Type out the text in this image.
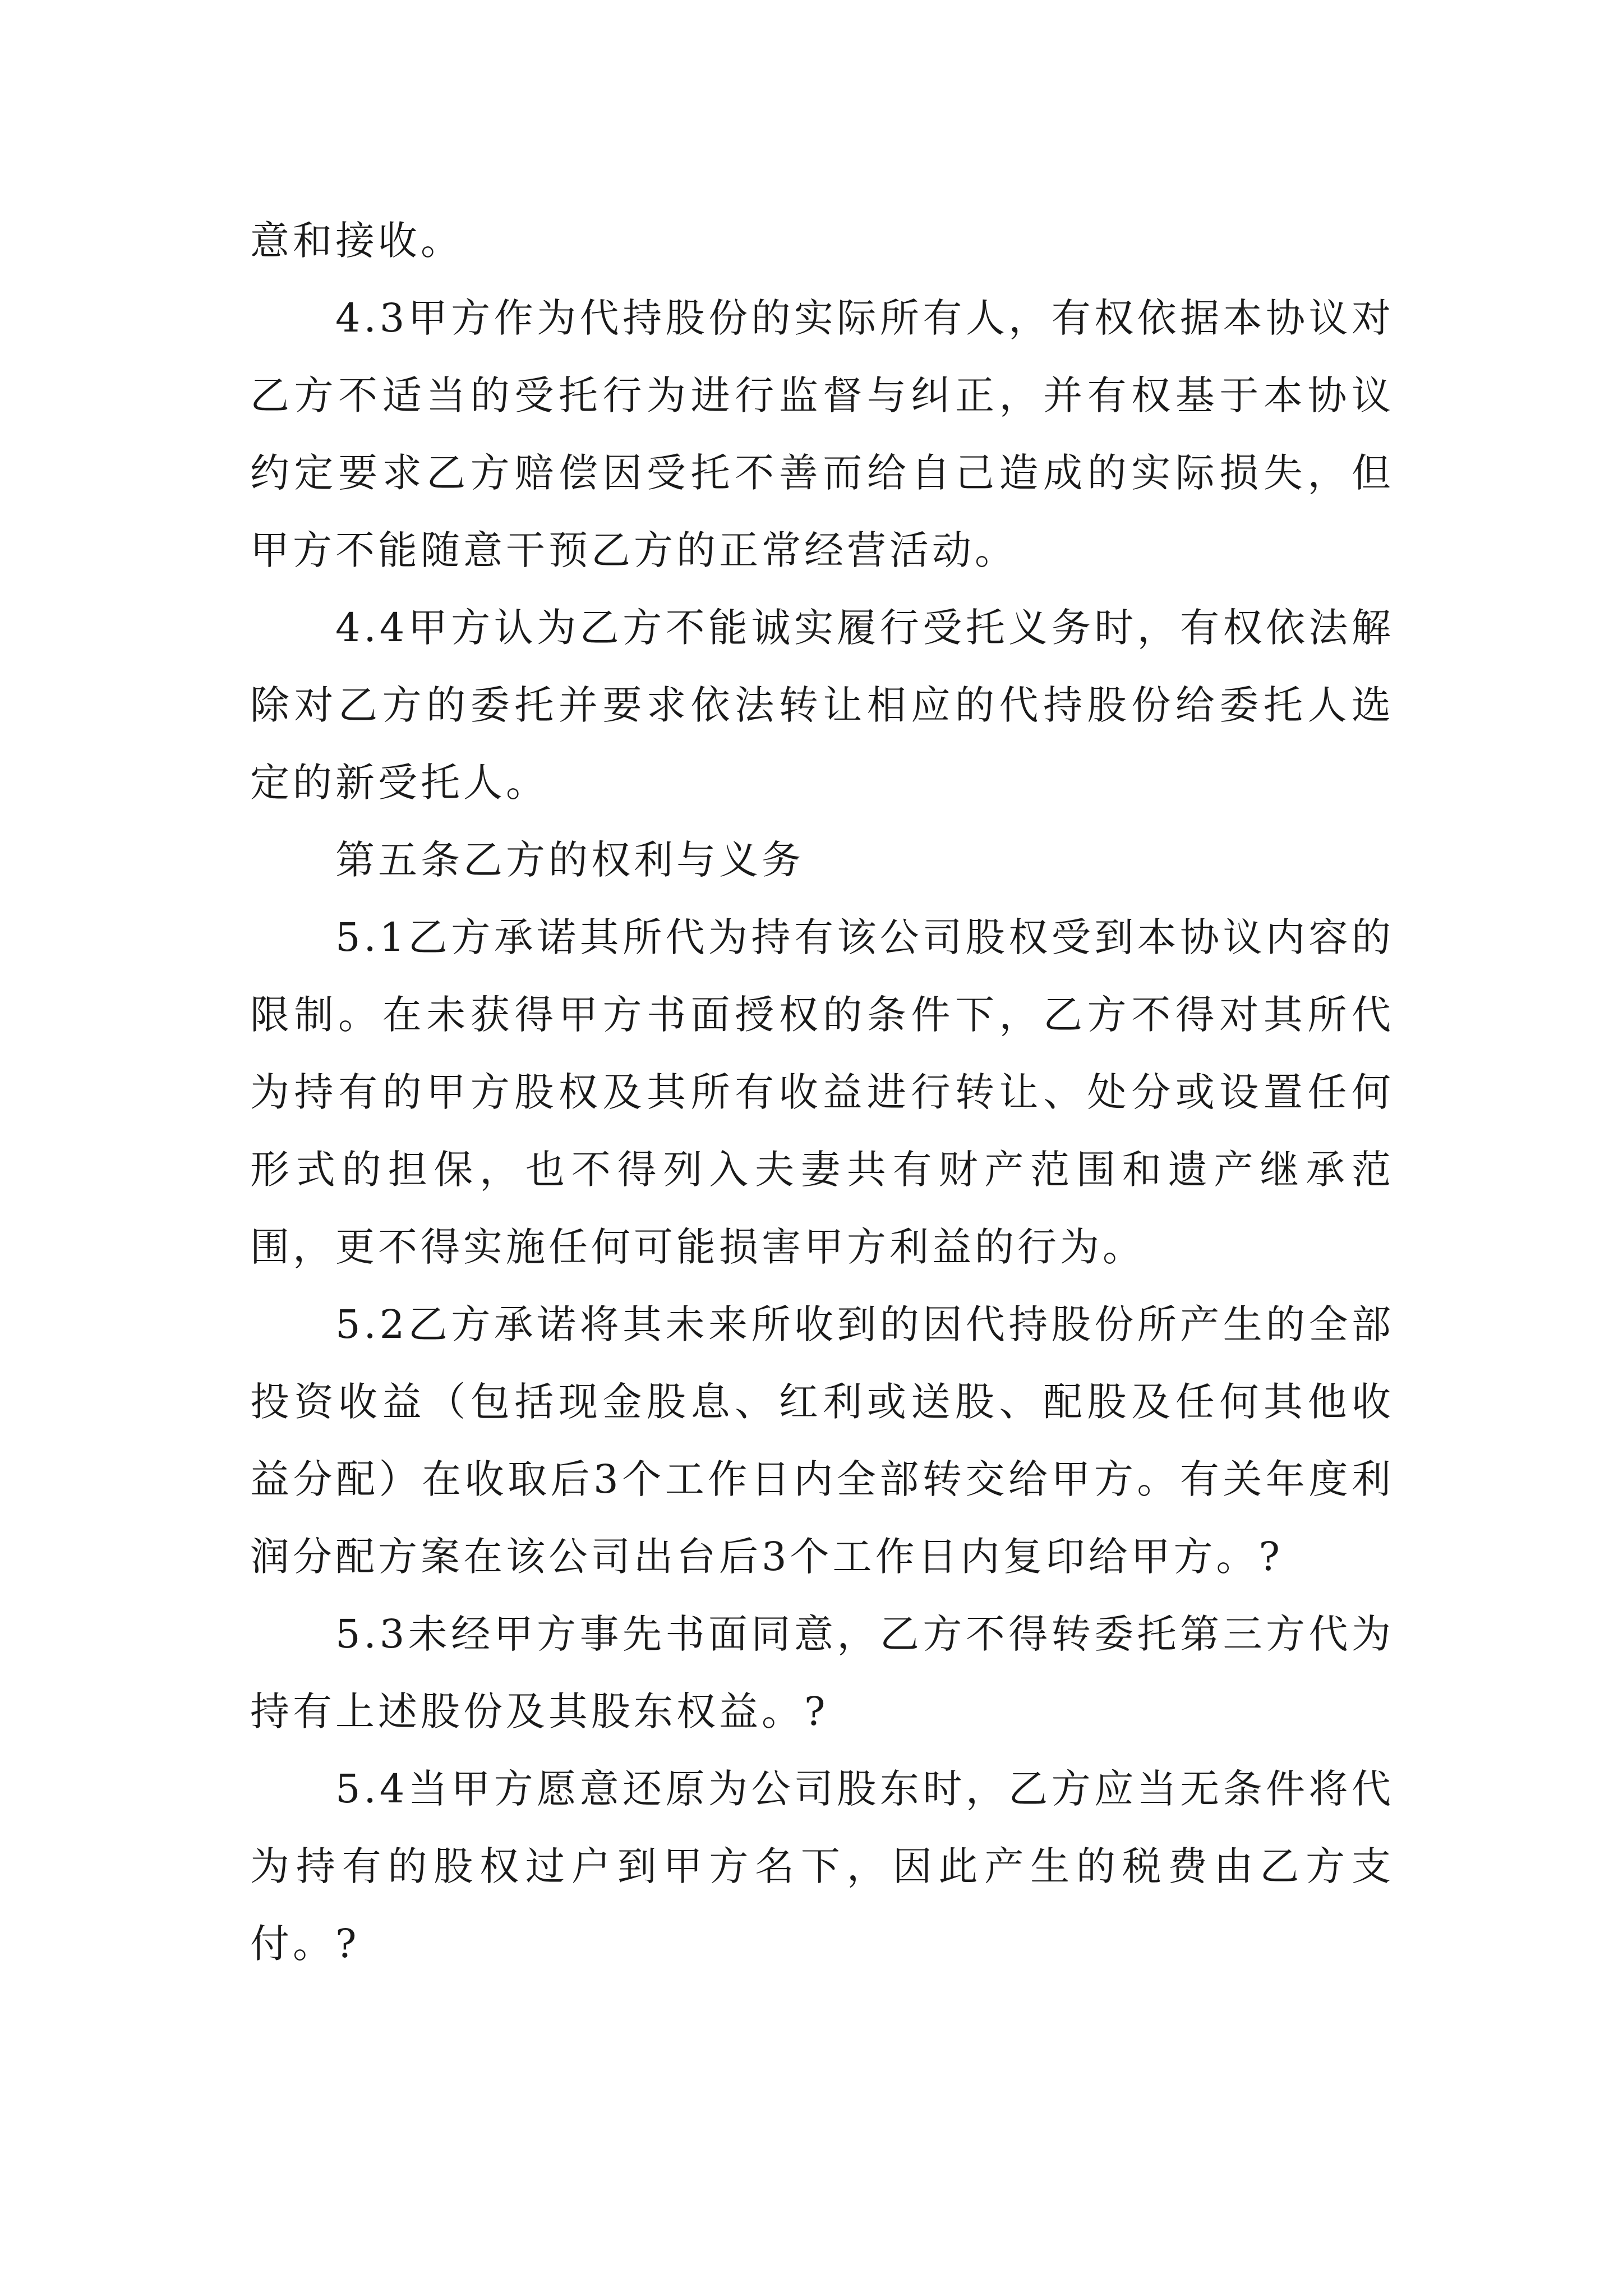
意和接收。

4.3甲方作为代持股份的实际所有人，有权依据本协议对乙方不适当的受托行为进行监督与纠正，并有权基于本协议约定要求乙方赔偿因受托不善而给自己造成的实际损失，但甲方不能随意干预乙方的正常经营活动。

4.4甲方认为乙方不能诚实履行受托义务时，有权依法解除对乙方的委托并要求依法转让相应的代持股份给委托人选定的新受托人。

第五条乙方的权利与义务

5.1乙方承诺其所代为持有该公司股权受到本协议内容的限制。在未获得甲方书面授权的条件下，乙方不得对其所代为持有的甲方股权及其所有收益进行转让、处分或设置任何形式的担保，也不得列入夫妻共有财产范围和遗产继承范围，更不得实施任何可能损害甲方利益的行为。

5.2乙方承诺将其未来所收到的因代持股份所产生的全部投资收益（包括现金股息、红利或送股、配股及任何其他收益分配）在收取后3个工作日内全部转交给甲方。有关年度利润分配方案在该公司出台后3个工作日内复印给甲方。?

5.3未经甲方事先书面同意，乙方不得转委托第三方代为持有上述股份及其股东权益。?

5.4当甲方愿意还原为公司股东时，乙方应当无条件将代为持有的股权过户到甲方名下，因此产生的税费由乙方支付。?
